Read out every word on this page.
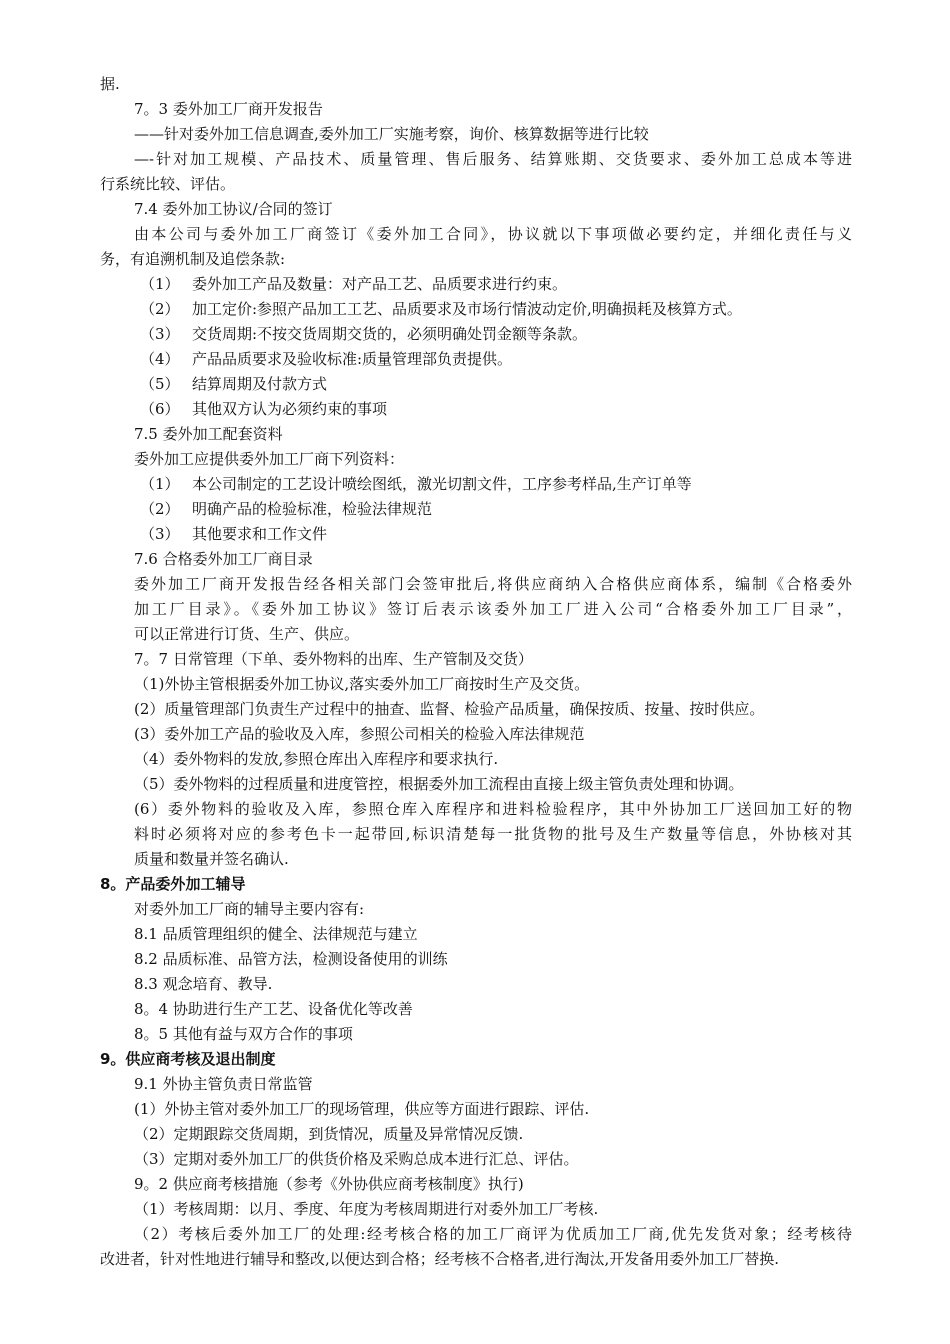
据.
7。3 委外加工厂商开发报告
——针对委外加工信息调查,委外加工厂实施考察，询价、核算数据等进行比较
—-针对加工规模、产品技术、质量管理、售后服务、结算账期、交货要求、委外加工总成本等进
行系统比较、评估。
7.4 委外加工协议/合同的签订
由本公司与委外加工厂商签订《委外加工合同》，协议就以下事项做必要约定，并细化责任与义
务，有追溯机制及追偿条款:
（1） 委外加工产品及数量：对产品工艺、品质要求进行约束。
（2） 加工定价:参照产品加工工艺、品质要求及市场行情波动定价,明确损耗及核算方式。
（3） 交货周期:不按交货周期交货的，必须明确处罚金额等条款。
（4） 产品品质要求及验收标准:质量管理部负责提供。
（5） 结算周期及付款方式
（6） 其他双方认为必须约束的事项
7.5 委外加工配套资料
委外加工应提供委外加工厂商下列资料：
（1） 本公司制定的工艺设计喷绘图纸，激光切割文件，工序参考样品,生产订单等
（2） 明确产品的检验标准，检验法律规范
（3） 其他要求和工作文件
7.6 合格委外加工厂商目录
委外加工厂商开发报告经各相关部门会签审批后,将供应商纳入合格供应商体系，编制《合格委外
加工厂目录》。《委外加工协议》签订后表示该委外加工厂进入公司“合格委外加工厂目录”，
可以正常进行订货、生产、供应。
7。7 日常管理（下单、委外物料的出库、生产管制及交货）
（1)外协主管根据委外加工协议,落实委外加工厂商按时生产及交货。
(2）质量管理部门负责生产过程中的抽查、监督、检验产品质量，确保按质、按量、按时供应。
(3）委外加工产品的验收及入库，参照公司相关的检验入库法律规范
（4）委外物料的发放,参照仓库出入库程序和要求执行.
（5）委外物料的过程质量和进度管控，根据委外加工流程由直接上级主管负责处理和协调。
(6）委外物料的验收及入库，参照仓库入库程序和进料检验程序，其中外协加工厂送回加工好的物
料时必须将对应的参考色卡一起带回,标识清楚每一批货物的批号及生产数量等信息，外协核对其
质量和数量并签名确认.
8。产品委外加工辅导
对委外加工厂商的辅导主要内容有:
8.1 品质管理组织的健全、法律规范与建立
8.2 品质标准、品管方法，检测设备使用的训练
8.3 观念培育、教导.
8。4 协助进行生产工艺、设备优化等改善
8。5 其他有益与双方合作的事项
9。供应商考核及退出制度
9.1 外协主管负责日常监管
(1）外协主管对委外加工厂的现场管理，供应等方面进行跟踪、评估.
（2）定期跟踪交货周期，到货情况，质量及异常情况反馈.
（3）定期对委外加工厂的供货价格及采购总成本进行汇总、评估。
9。2 供应商考核措施（参考《外协供应商考核制度》执行)
（1）考核周期：以月、季度、年度为考核周期进行对委外加工厂考核.
（2）考核后委外加工厂的处理:经考核合格的加工厂商评为优质加工厂商,优先发货对象；经考核待
改进者，针对性地进行辅导和整改,以便达到合格；经考核不合格者,进行淘汰,开发备用委外加工厂替换.
